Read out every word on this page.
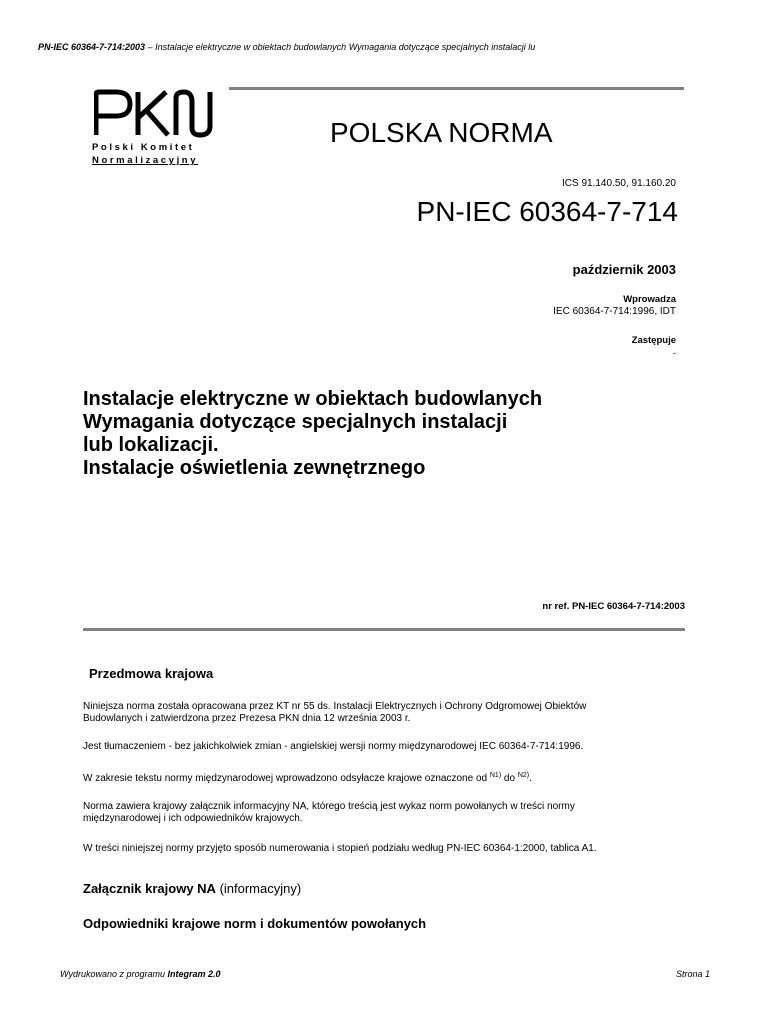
PN-IEC 60364-7-714:2003 – Instalacje elektryczne w obiektach budowlanych Wymagania dotyczące specjalnych instalacji lu
Polski Komitet
Normalizacyjny
POLSKA NORMA
ICS 91.140.50, 91.160.20
PN-IEC 60364-7-714
październik 2003
Wprowadza
IEC 60364-7-714:1996, IDT
Zastępuje
-
Instalacje elektryczne w obiektach budowlanych
Wymagania dotyczące specjalnych instalacji
lub lokalizacji.
Instalacje oświetlenia zewnętrznego
nr ref. PN-IEC 60364-7-714:2003
Przedmowa krajowa
Niniejsza norma została opracowana przez KT nr 55 ds. Instalacji Elektrycznych i Ochrony Odgromowej Obiektów
Budowlanych i zatwierdzona przez Prezesa PKN dnia 12 września 2003 r.
Jest tłumaczeniem - bez jakichkolwiek zmian - angielskiej wersji normy międzynarodowej IEC 60364-7-714:1996.
W zakresie tekstu normy międzynarodowej wprowadzono odsyłacze krajowe oznaczone od $^{N1)}$ do $^{N2)}$.
Norma zawiera krajowy załącznik informacyjny NA, którego treścią jest wykaz norm powołanych w treści normy
międzynarodowej i ich odpowiedników krajowych.
W treści niniejszej normy przyjęto sposób numerowania i stopień podziału według PN-IEC 60364-1:2000, tablica A1.
Załącznik krajowy NA (informacyjny)
Odpowiedniki krajowe norm i dokumentów powołanych
Wydrukowano z programu Integram 2.0	Strona 1
